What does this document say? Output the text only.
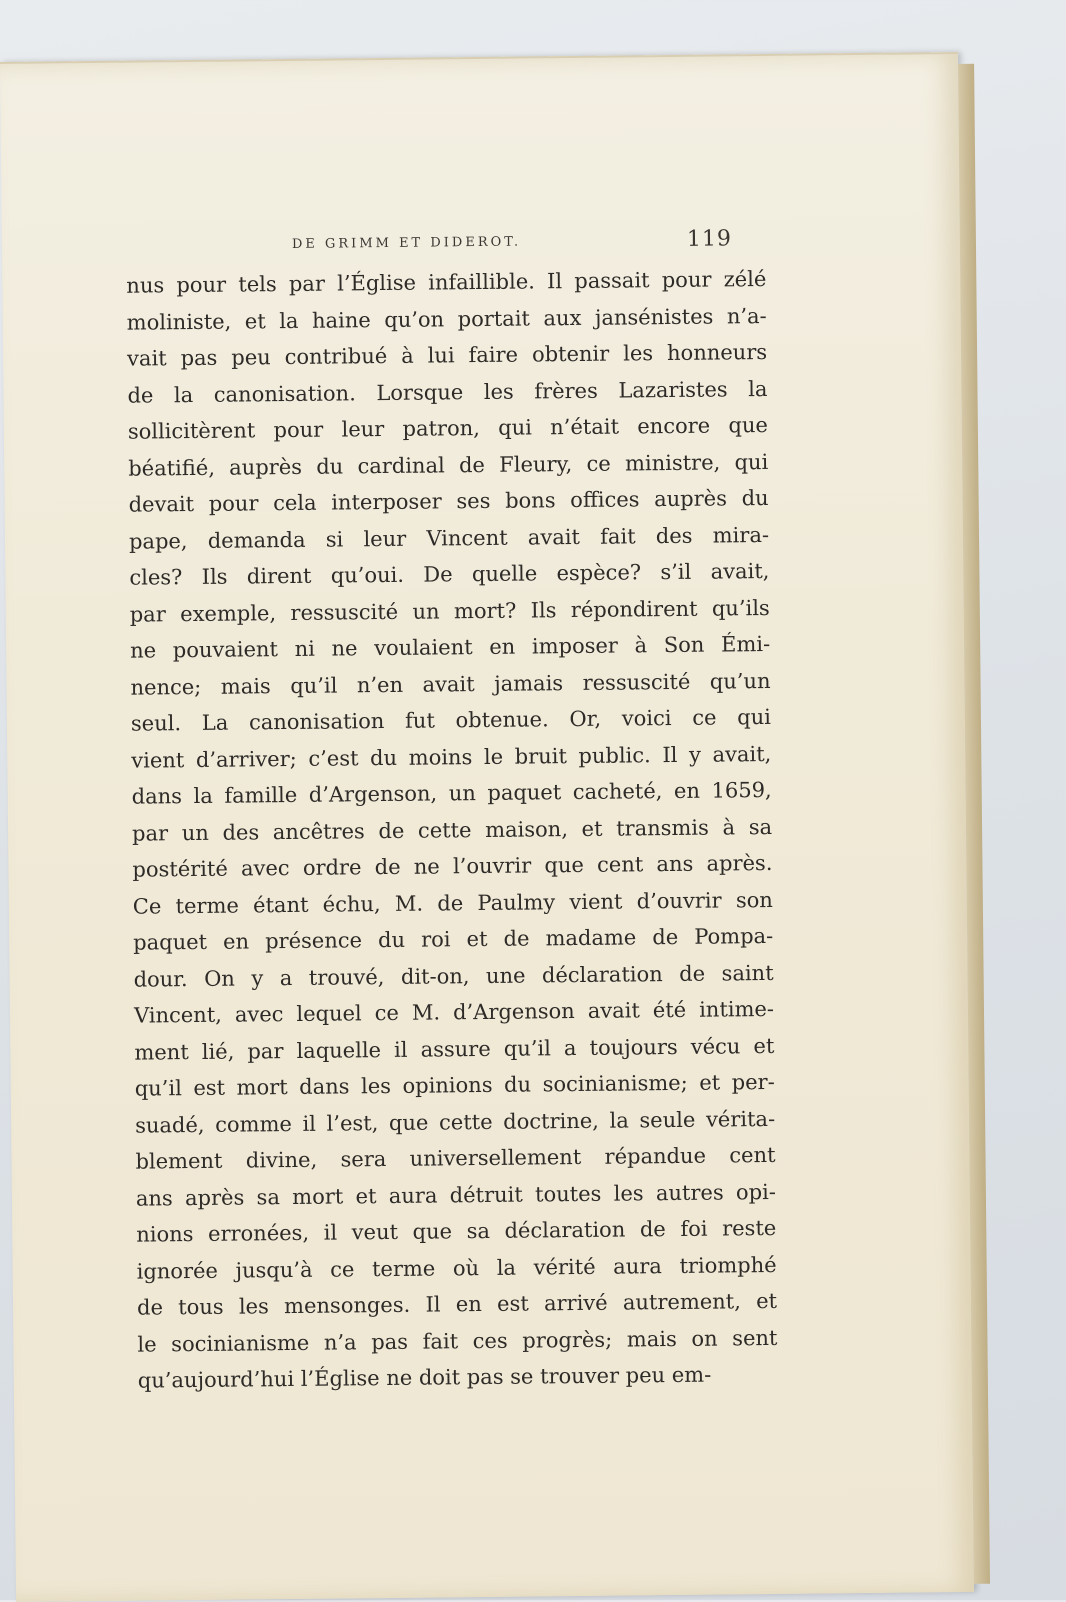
DE GRIMM ET DIDEROT.	119
nus pour tels par l’Église infaillible. Il passait pour zélé
moliniste, et la haine qu’on portait aux jansénistes n’a-
vait pas peu contribué à lui faire obtenir les honneurs
de la canonisation. Lorsque les frères Lazaristes la
sollicitèrent pour leur patron, qui n’était encore que
béatifié, auprès du cardinal de Fleury, ce ministre, qui
devait pour cela interposer ses bons offices auprès du
pape, demanda si leur Vincent avait fait des mira-
cles? Ils dirent qu’oui. De quelle espèce? s’il avait,
par exemple, ressuscité un mort? Ils répondirent qu’ils
ne pouvaient ni ne voulaient en imposer à Son Émi-
nence; mais qu’il n’en avait jamais ressuscité qu’un
seul. La canonisation fut obtenue. Or, voici ce qui
vient d’arriver; c’est du moins le bruit public. Il y avait,
dans la famille d’Argenson, un paquet cacheté, en 1659,
par un des ancêtres de cette maison, et transmis à sa
postérité avec ordre de ne l’ouvrir que cent ans après.
Ce terme étant échu, M. de Paulmy vient d’ouvrir son
paquet en présence du roi et de madame de Pompa-
dour. On y a trouvé, dit-on, une déclaration de saint
Vincent, avec lequel ce M. d’Argenson avait été intime-
ment lié, par laquelle il assure qu’il a toujours vécu et
qu’il est mort dans les opinions du socinianisme; et per-
suadé, comme il l’est, que cette doctrine, la seule vérita-
blement divine, sera universellement répandue cent
ans après sa mort et aura détruit toutes les autres opi-
nions erronées, il veut que sa déclaration de foi reste
ignorée jusqu’à ce terme où la vérité aura triomphé
de tous les mensonges. Il en est arrivé autrement, et
le socinianisme n’a pas fait ces progrès; mais on sent
qu’aujourd’hui l’Église ne doit pas se trouver peu em-
